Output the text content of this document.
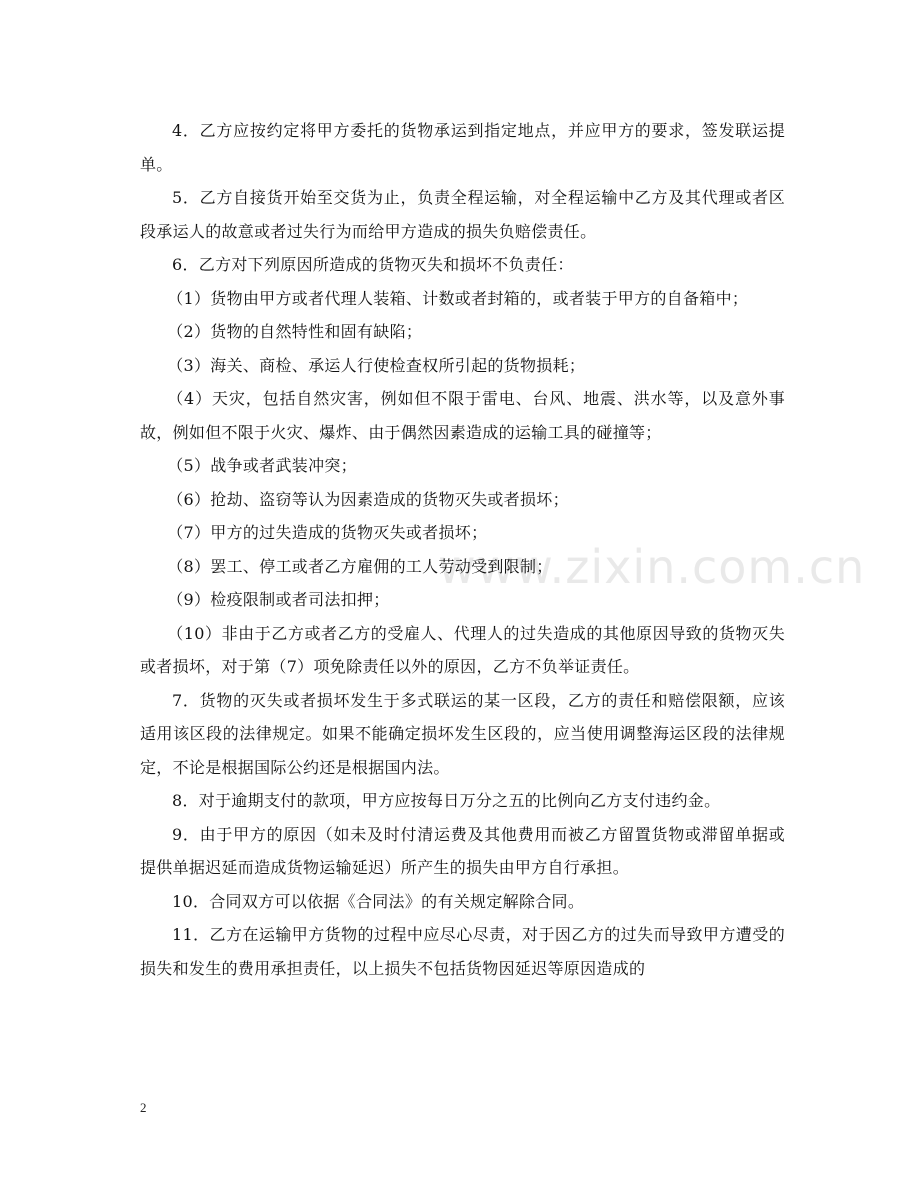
www.zixin.com.cn

4．乙方应按约定将甲方委托的货物承运到指定地点，并应甲方的要求，签发联运提单。

5．乙方自接货开始至交货为止，负责全程运输，对全程运输中乙方及其代理或者区段承运人的故意或者过失行为而给甲方造成的损失负赔偿责任。

6．乙方对下列原因所造成的货物灭失和损坏不负责任：

（1）货物由甲方或者代理人装箱、计数或者封箱的，或者装于甲方的自备箱中；

（2）货物的自然特性和固有缺陷；

（3）海关、商检、承运人行使检查权所引起的货物损耗；

（4）天灾，包括自然灾害，例如但不限于雷电、台风、地震、洪水等，以及意外事故，例如但不限于火灾、爆炸、由于偶然因素造成的运输工具的碰撞等；

（5）战争或者武装冲突；

（6）抢劫、盗窃等认为因素造成的货物灭失或者损坏；

（7）甲方的过失造成的货物灭失或者损坏；

（8）罢工、停工或者乙方雇佣的工人劳动受到限制；

（9）检疫限制或者司法扣押；

（10）非由于乙方或者乙方的受雇人、代理人的过失造成的其他原因导致的货物灭失或者损坏，对于第（7）项免除责任以外的原因，乙方不负举证责任。

7．货物的灭失或者损坏发生于多式联运的某一区段，乙方的责任和赔偿限额，应该适用该区段的法律规定。如果不能确定损坏发生区段的，应当使用调整海运区段的法律规定，不论是根据国际公约还是根据国内法。

8．对于逾期支付的款项，甲方应按每日万分之五的比例向乙方支付违约金。

9．由于甲方的原因（如未及时付清运费及其他费用而被乙方留置货物或滞留单据或提供单据迟延而造成货物运输延迟）所产生的损失由甲方自行承担。

10．合同双方可以依据《合同法》的有关规定解除合同。

11．乙方在运输甲方货物的过程中应尽心尽责，对于因乙方的过失而导致甲方遭受的损失和发生的费用承担责任，以上损失不包括货物因延迟等原因造成的

2
